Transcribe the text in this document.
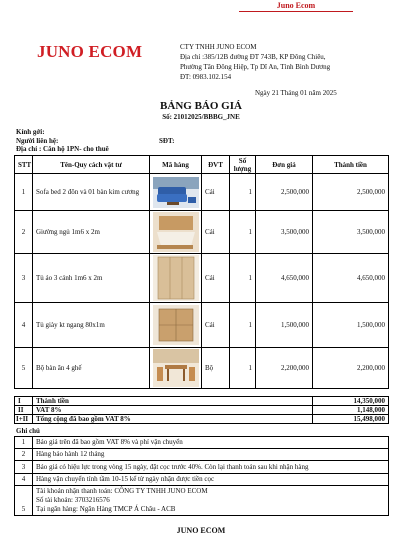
Juno Ecom
JUNO ECOM	CTY TNHH JUNO ECOM
Địa chỉ :385/12B đường ĐT 743B, KP Đông Chiêu,
Phường Tân Đông Hiệp, Tp Dĩ An, Tỉnh Bình Dương
ĐT: 0983.102.154
Ngày 21 Tháng 01 năm 2025
BẢNG BÁO GIÁ
Số: 21012025/BBBG_JNE
Kính gởi:
Người liên hệ:	SĐT:
Địa chỉ : Căn hộ 1PN- cho thuê
STT	Tên-Quy cách vật tư	Mã hàng	ĐVT	Số lượng	Đơn giá	Thành tiền
1	Sofa bed 2 đôn và 01 bàn kim cương		Cái	1	2,500,000	2,500,000
2	Giường ngủ 1m6 x 2m		Cái	1	3,500,000	3,500,000
3	Tủ áo 3 cánh 1m6 x 2m		Cái	1	4,650,000	4,650,000
4	Tủ giày kt ngang 80x1m		Cái	1	1,500,000	1,500,000
5	Bộ bàn ăn 4 ghế		Bộ	1	2,200,000	2,200,000
I	Thành tiền	14,350,000
II	VAT 8%	1,148,000
I+II	Tổng cộng đã bao gồm VAT 8%	15,498,000
Ghi chú
1	Báo giá trên đã bao gồm VAT 8% và phí vận chuyển
2	Hàng bảo hành 12 tháng
3	Báo giá có hiệu lực trong vòng 15 ngày, đặt cọc trước 40%. Còn lại thanh toán sau khi nhận hàng
4	Hàng vận chuyển tính tầm 10-15 kể từ ngày nhận được tiền cọc
5	Tài khoản nhận thanh toán: CÔNG TY TNHH JUNO ECOM
Số tài khoản: 3703216576
Tại ngân hàng: Ngân Hàng TMCP Á Châu - ACB
JUNO ECOM
